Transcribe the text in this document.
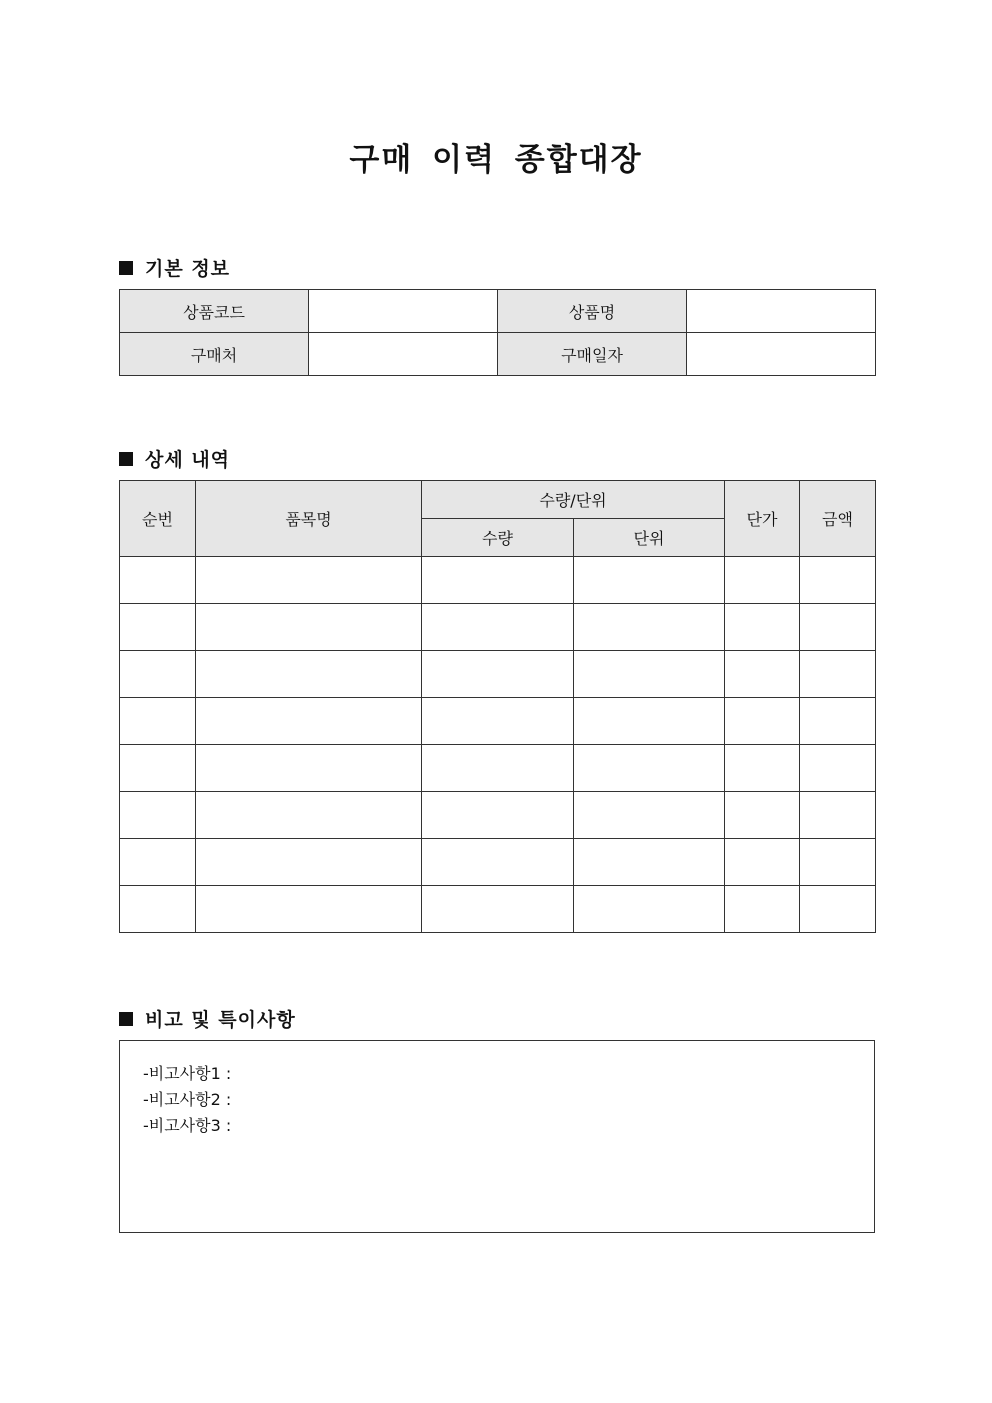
구매 이력 종합대장
기본 정보
상품코드		상품명	
구매처		구매일자	
상세 내역
순번	품목명	수량/단위		단가	금액
		수량	단위		

비고 및 특이사항
-비고사항1 :
-비고사항2 :
-비고사항3 :
